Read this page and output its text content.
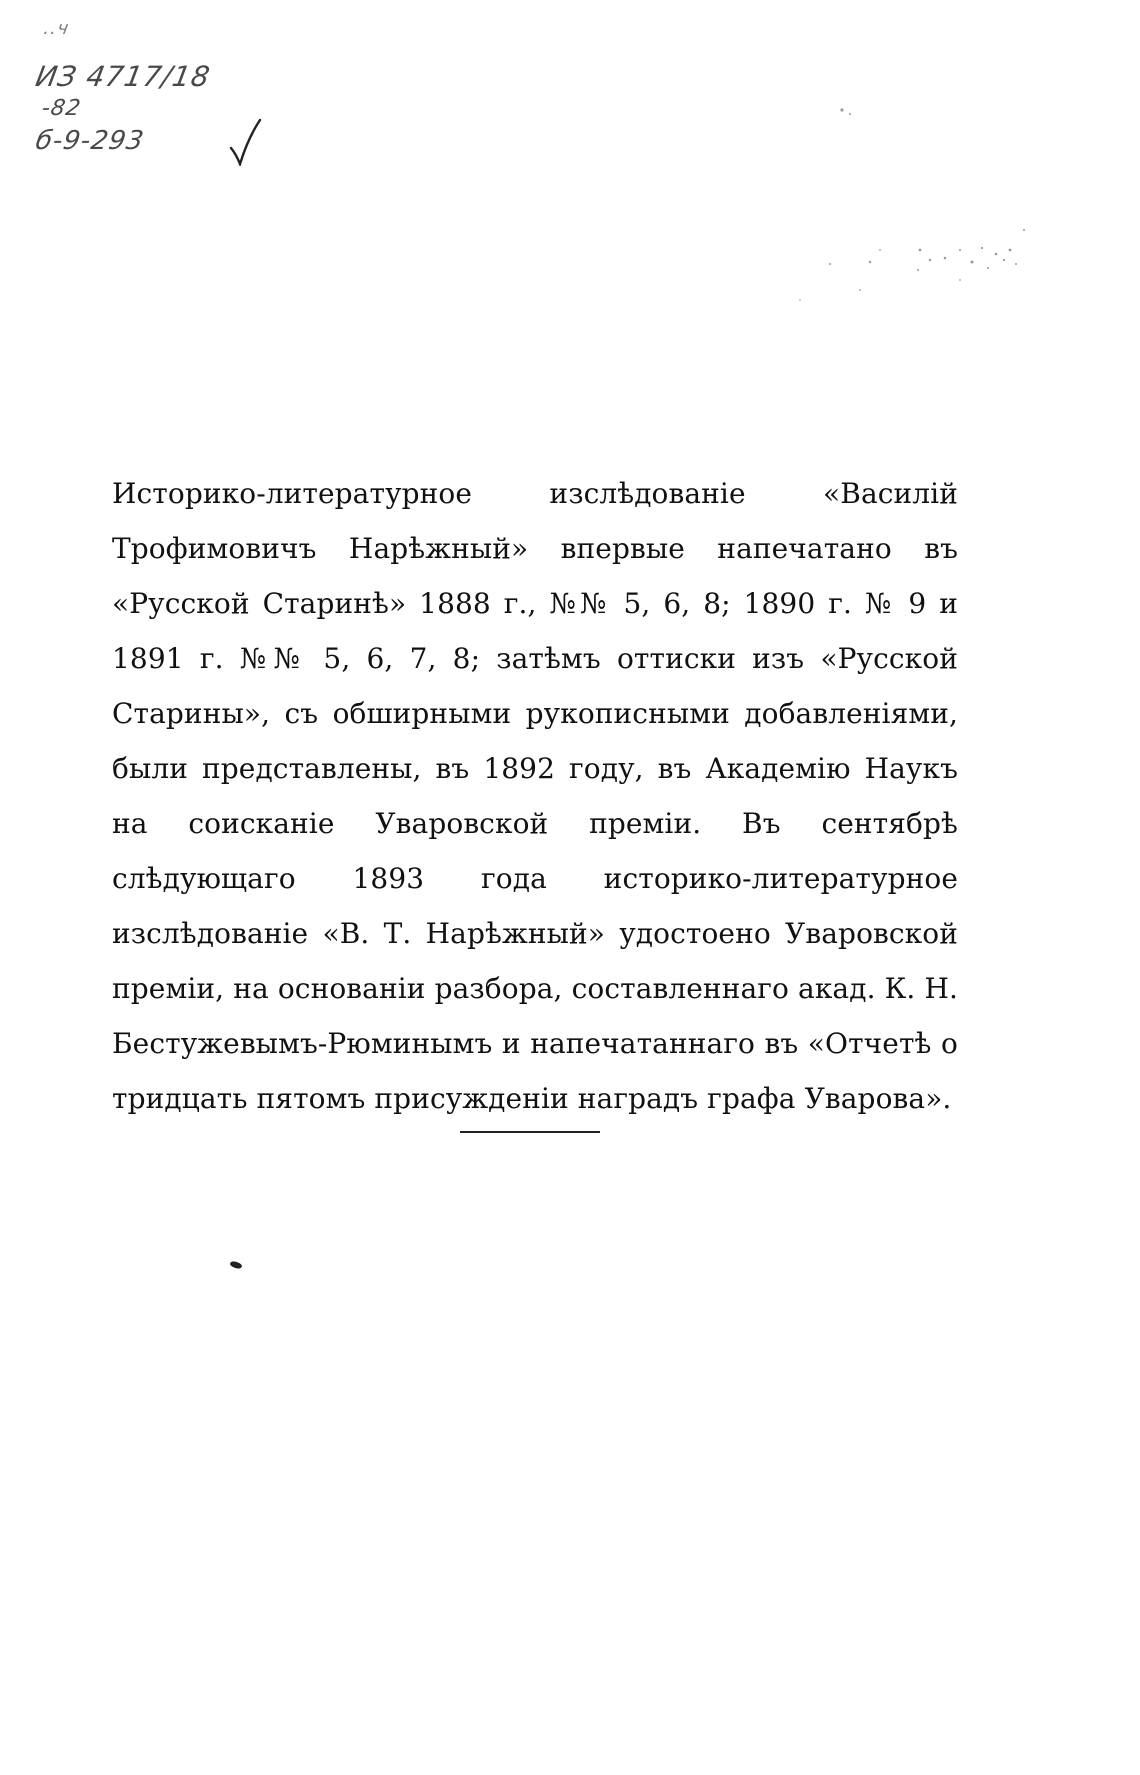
..ч
ИЗ 4717/18
-82
б-9-293

Историко-литературное изслѣдованіе «Василій Трофимовичъ Нарѣжный» впервые напечатано въ «Русской Старинѣ» 1888 г., №№ 5, 6, 8; 1890 г. № 9 и 1891 г. №№ 5, 6, 7, 8; затѣмъ оттиски изъ «Русской Старины», съ обширными рукописными добавленіями, были представлены, въ 1892 году, въ Академію Наукъ на соисканіе Уваровской преміи. Въ сентябрѣ слѣдующаго 1893 года историко-литературное изслѣдованіе «В. Т. Нарѣжный» удостоено Уваровской преміи, на основаніи разбора, составленнаго акад. К. Н. Бестужевымъ-Рюминымъ и напечатаннаго въ «Отчетѣ о тридцать пятомъ присужденіи наградъ графа Уварова».
